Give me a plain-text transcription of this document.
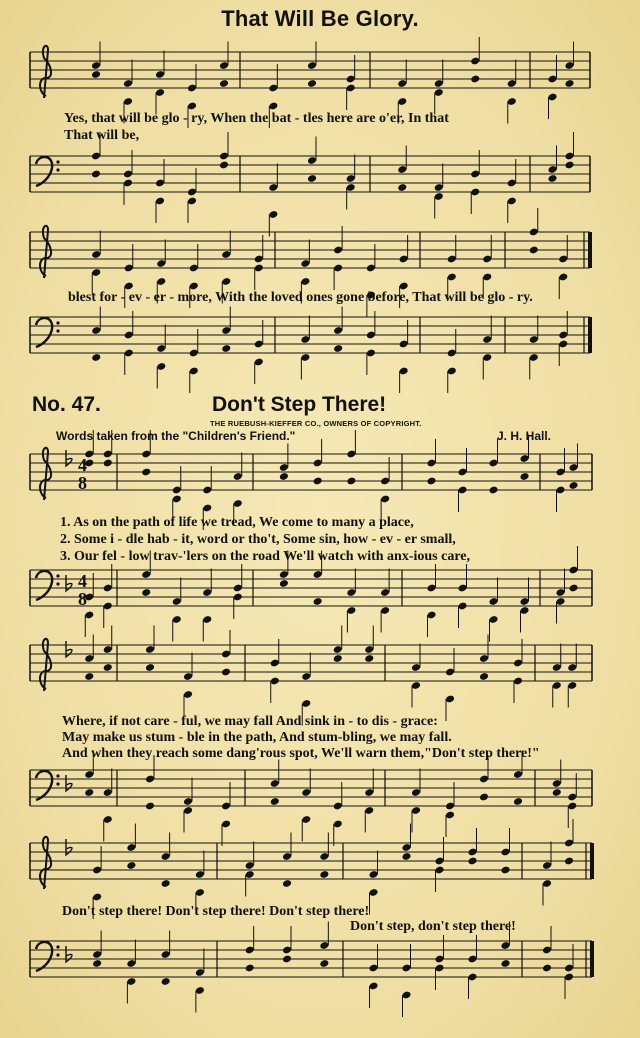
4
8
4
8
That Will Be Glory.
Yes, that will be glo - ry, When the bat - tles here are o'er, In that
That will be,
blest for - ev - er - more, With the loved ones gone before, That will be glo - ry.
No. 47.	Don't Step There!
THE RUEBUSH-KIEFFER CO., OWNERS OF COPYRIGHT.
Words taken from the "Children's Friend."	J. H. Hall.
1. As on the path of life we tread, We come to many a place,
2. Some i - dle hab - it, word or tho't, Some sin, how - ev - er small,
3. Our fel - low trav-'lers on the road We'll watch with anx-ious care,
Where, if not care - ful, we may fall And sink in - to dis - grace:
May make us stum - ble in the path, And stum-bling, we may fall.
And when they reach some dang'rous spot, We'll warn them,"Don't step there!"
Don't step there! Don't step there! Don't step there!
Don't step, don't step there!
